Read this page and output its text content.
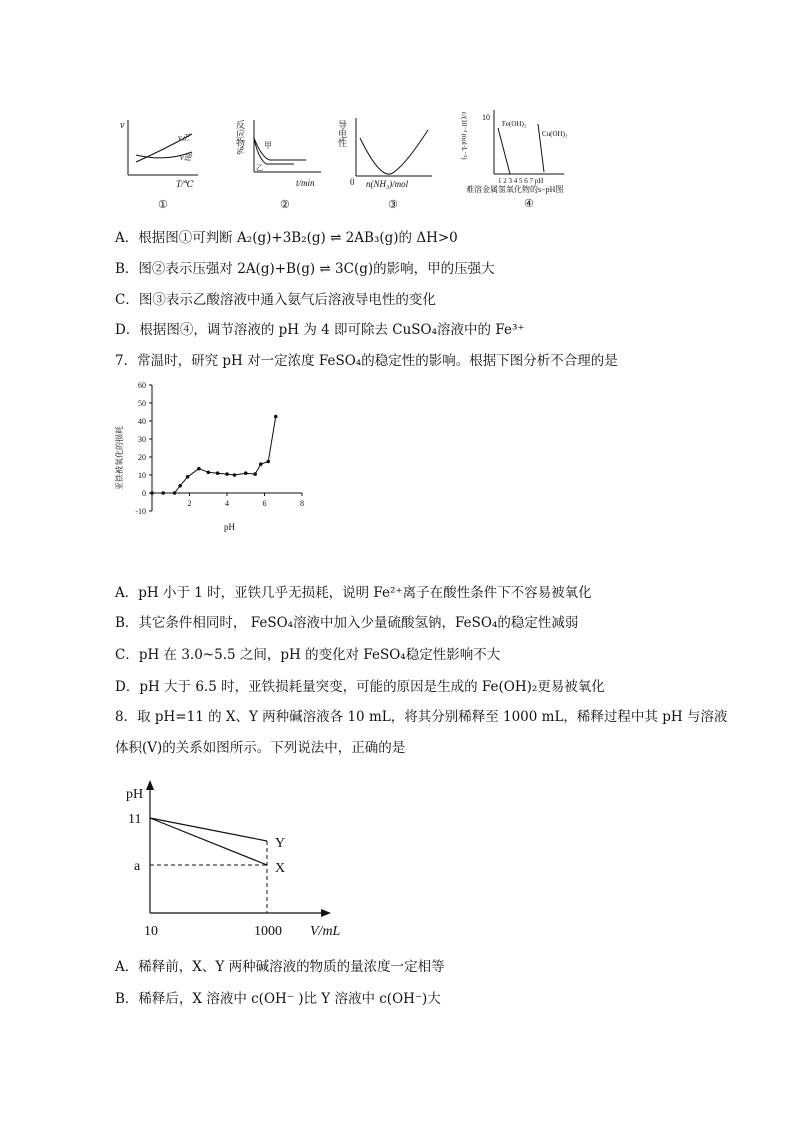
v
v正
v逆
T/℃
①
反应物% 甲
乙
t/min
②
导电性
0 n(NH₃)/mol
③
c/(10⁻³ mol·L⁻¹) 10
Fe(OH)₃
Cu(OH)₂
1 2 3 4 5 6 7 pH
难溶金属氢氧化物的s−pH图
④
A．根据图①可判断 A₂(g)+3B₂(g) ⇌ 2AB₃(g)的 ΔH>0
B．图②表示压强对 2A(g)+B(g) ⇌ 3C(g)的影响，甲的压强大
C．图③表示乙酸溶液中通入氨气后溶液导电性的变化
D．根据图④，调节溶液的 pH 为 4 即可除去 CuSO₄溶液中的 Fe³⁺
7．常温时，研究 pH 对一定浓度 FeSO₄的稳定性的影响。根据下图分析不合理的是
-10
0
10
20
30
40
50
60
2	4	6	8
亚铁被氧化的损耗
pH
A．pH 小于 1 时，亚铁几乎无损耗，说明 Fe²⁺离子在酸性条件下不容易被氧化
B．其它条件相同时， FeSO₄溶液中加入少量硫酸氢钠，FeSO₄的稳定性减弱
C．pH 在 3.0~5.5 之间，pH 的变化对 FeSO₄稳定性影响不大
D．pH 大于 6.5 时，亚铁损耗量突变，可能的原因是生成的 Fe(OH)₂更易被氧化
8．取 pH=11 的 X、Y 两种碱溶液各 10 mL，将其分别稀释至 1000 mL，稀释过程中其 pH 与溶液
体积(V)的关系如图所示。下列说法中，正确的是
pH
11
a
Y
X
10	1000 V/mL
A．稀释前，X、Y 两种碱溶液的物质的量浓度一定相等
B．稀释后，X 溶液中 c(OH⁻ )比 Y 溶液中 c(OH⁻)大
